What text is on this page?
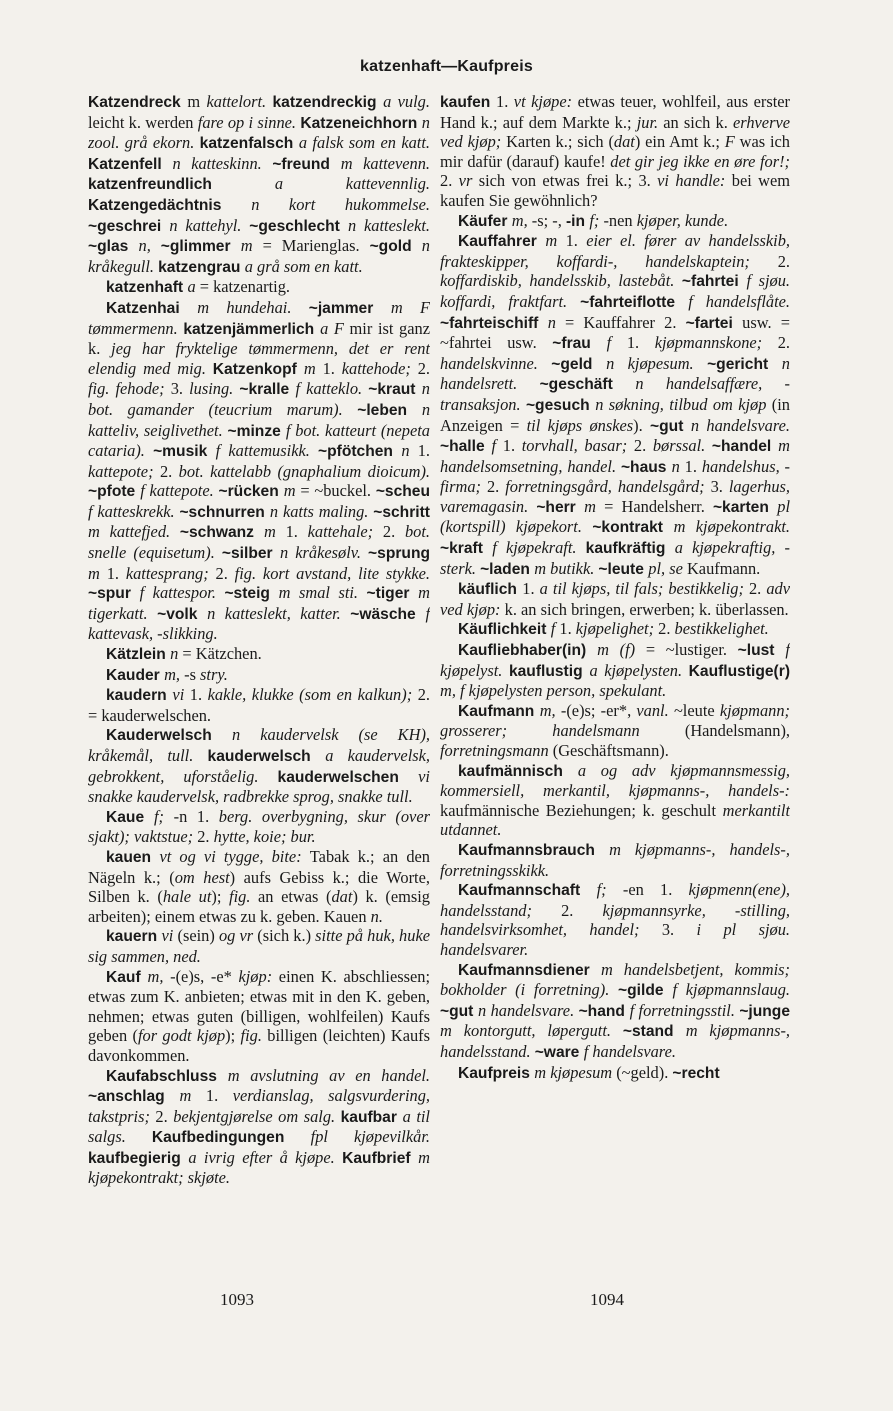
katzenhaft—Kaufpreis

Katzendreck m kattelort. katzendreckig a vulg. leicht k. werden fare op i sinne. Katzeneichhorn n zool. grå ekorn. katzenfalsch a falsk som en katt. Katzenfell n katteskinn. ~freund m kattevenn. katzenfreundlich a kattevennlig. Katzengedächtnis n kort hukommelse. ~geschrei n kattehyl. ~geschlecht n katteslekt. ~glas n, ~glimmer m = Marienglas. ~gold n kråkegull. katzengrau a grå som en katt.

katzenhaft a = katzenartig.

Katzenhai m hundehai. ~jammer m F tømmermenn. katzenjämmerlich a F mir ist ganz k. jeg har fryktelige tømmermenn, det er rent elendig med mig. Katzenkopf m 1. kattehode; 2. fig. fehode; 3. lusing. ~kralle f katteklo. ~kraut n bot. gamander (teucrium marum). ~leben n katteliv, seiglivethet. ~minze f bot. katteurt (nepeta cataria). ~musik f kattemusikk. ~pfötchen n 1. kattepote; 2. bot. kattelabb (gnaphalium dioicum). ~pfote f kattepote. ~rücken m = ~buckel. ~scheu f katteskrekk. ~schnurren n katts maling. ~schritt m kattefjed. ~schwanz m 1. kattehale; 2. bot. snelle (equisetum). ~silber n kråkesølv. ~sprung m 1. kattesprang; 2. fig. kort avstand, lite stykke. ~spur f kattespor. ~steig m smal sti. ~tiger m tigerkatt. ~volk n katteslekt, katter. ~wäsche f kattevask, -slikking.

Kätzlein n = Kätzchen.

Kauder m, -s stry.

kaudern vi 1. kakle, klukke (som en kalkun); 2. = kauderwelschen.

Kauderwelsch n kaudervelsk (se KH), kråkemål, tull. kauderwelsch a kaudervelsk, gebrokkent, uforståelig. kauderwelschen vi snakke kaudervelsk, radbrekke sprog, snakke tull.

Kaue f; -n 1. berg. overbygning, skur (over sjakt); vaktstue; 2. hytte, koie; bur.

kauen vt og vi tygge, bite: Tabak k.; an den Nägeln k.; (om hest) aufs Gebiss k.; die Worte, Silben k. (hale ut); fig. an etwas (dat) k. (emsig arbeiten); einem etwas zu k. geben. Kauen n.

kauern vi (sein) og vr (sich k.) sitte på huk, huke sig sammen, ned.

Kauf m, -(e)s, -e* kjøp: einen K. abschliessen; etwas zum K. anbieten; etwas mit in den K. geben, nehmen; etwas guten (billigen, wohlfeilen) Kaufs geben (for godt kjøp); fig. billigen (leichten) Kaufs davonkommen.

Kaufabschluss m avslutning av en handel. ~anschlag m 1. verdianslag, salgsvurdering, takstpris; 2. bekjentgjørelse om salg. kaufbar a til salgs. Kaufbedingungen fpl kjøpevilkår. kaufbegierig a ivrig efter å kjøpe. Kaufbrief m kjøpekontrakt; skjøte.

kaufen 1. vt kjøpe: etwas teuer, wohlfeil, aus erster Hand k.; auf dem Markte k.; jur. an sich k. erhverve ved kjøp; Karten k.; sich (dat) ein Amt k.; F was ich mir dafür (darauf) kaufe! det gir jeg ikke en øre for!; 2. vr sich von etwas frei k.; 3. vi handle: bei wem kaufen Sie gewöhnlich?

Käufer m, -s; -, -in f; -nen kjøper, kunde.

Kauffahrer m 1. eier el. fører av handelsskib, frakteskipper, koffardi-, handelskaptein; 2. koffardiskib, handelsskib, lastebåt. ~fahrtei f sjøu. koffardi, fraktfart. ~fahrteiflotte f handelsflåte. ~fahrteischiff n = Kauffahrer 2. ~fartei usw. = ~fahrtei usw. ~frau f 1. kjøpmannskone; 2. handelskvinne. ~geld n kjøpesum. ~gericht n handelsrett. ~geschäft n handelsaffære, -transaksjon. ~gesuch n søkning, tilbud om kjøp (in Anzeigen = til kjøps ønskes). ~gut n handelsvare. ~halle f 1. torvhall, basar; 2. børssal. ~handel m handelsomsetning, handel. ~haus n 1. handelshus, -firma; 2. forretningsgård, handelsgård; 3. lagerhus, varemagasin. ~herr m = Handelsherr. ~karten pl (kortspill) kjøpekort. ~kontrakt m kjøpekontrakt. ~kraft f kjøpekraft. kaufkräftig a kjøpekraftig, -sterk. ~laden m butikk. ~leute pl, se Kaufmann.

käuflich 1. a til kjøps, til fals; bestikkelig; 2. adv ved kjøp: k. an sich bringen, erwerben; k. überlassen.

Käuflichkeit f 1. kjøpelighet; 2. bestikkelighet.

Kaufliebhaber(in) m (f) = ~lustiger. ~lust f kjøpelyst. kauflustig a kjøpelysten. Kauflustige(r) m, f kjøpelysten person, spekulant.

Kaufmann m, -(e)s; -er*, vanl. ~leute kjøpmann; grosserer; handelsmann (Handelsmann), forretningsmann (Geschäftsmann).

kaufmännisch a og adv kjøpmannsmessig, kommersiell, merkantil, kjøpmanns-, handels-: kaufmännische Beziehungen; k. geschult merkantilt utdannet.

Kaufmannsbrauch m kjøpmanns-, handels-, forretningsskikk.

Kaufmannschaft f; -en 1. kjøpmenn(ene), handelsstand; 2. kjøpmannsyrke, -stilling, handelsvirksomhet, handel; 3. i pl sjøu. handelsvarer.

Kaufmannsdiener m handelsbetjent, kommis; bokholder (i forretning). ~gilde f kjøpmannslaug. ~gut n handelsvare. ~hand f forretningsstil. ~junge m kontorgutt, løpergutt. ~stand m kjøpmanns-, handelsstand. ~ware f handelsvare.

Kaufpreis m kjøpesum (~geld). ~recht

1093	1094
